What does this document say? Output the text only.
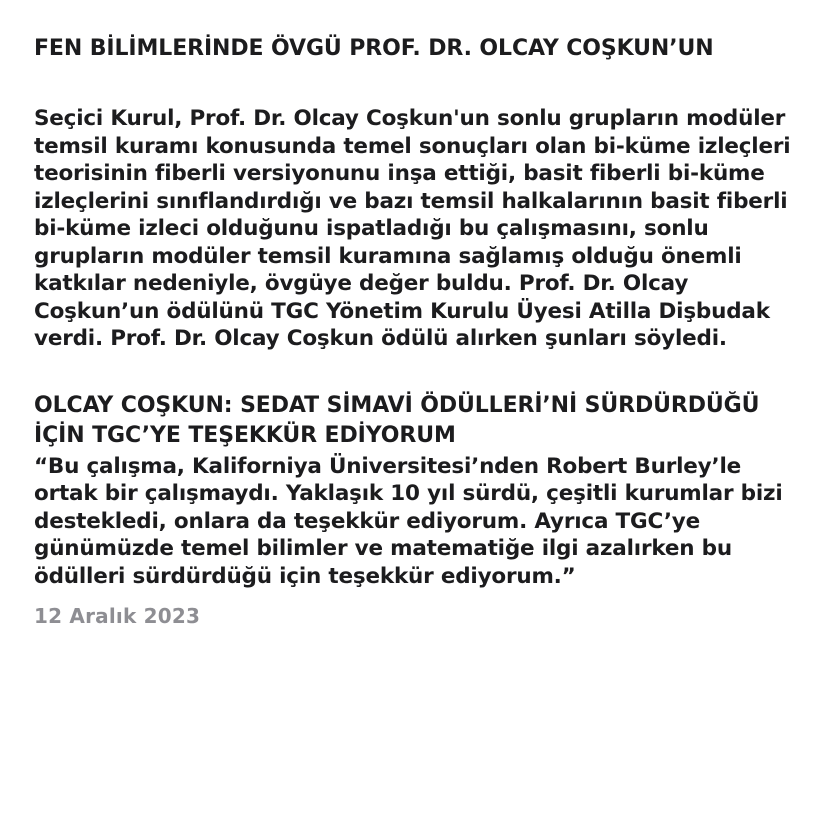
FEN BİLİMLERİNDE ÖVGÜ PROF. DR. OLCAY COŞKUN’UN

Seçici Kurul, Prof. Dr. Olcay Coşkun'un sonlu grupların modüler temsil kuramı konusunda temel sonuçları olan bi-küme izleçleri teorisinin fiberli versiyonunu inşa ettiği, basit fiberli bi-küme izleçlerini sınıflandırdığı ve bazı temsil halkalarının basit fiberli bi-küme izleci olduğunu ispatladığı bu çalışmasını, sonlu grupların modüler temsil kuramına sağlamış olduğu önemli katkılar nedeniyle, övgüye değer buldu. Prof. Dr. Olcay Coşkun’un ödülünü TGC Yönetim Kurulu Üyesi Atilla Dişbudak verdi. Prof. Dr. Olcay Coşkun ödülü alırken şunları söyledi.

OLCAY COŞKUN: SEDAT SİMAVİ ÖDÜLLERİ’Nİ SÜRDÜRDÜĞÜ İÇİN TGC’YE TEŞEKKÜR EDİYORUM

“Bu çalışma, Kaliforniya Üniversitesi’nden Robert Burley’le ortak bir çalışmaydı. Yaklaşık 10 yıl sürdü, çeşitli kurumlar bizi destekledi, onlara da teşekkür ediyorum. Ayrıca TGC’ye günümüzde temel bilimler ve matematiğe ilgi azalırken bu ödülleri sürdürdüğü için teşekkür ediyorum.”

12 Aralık 2023
